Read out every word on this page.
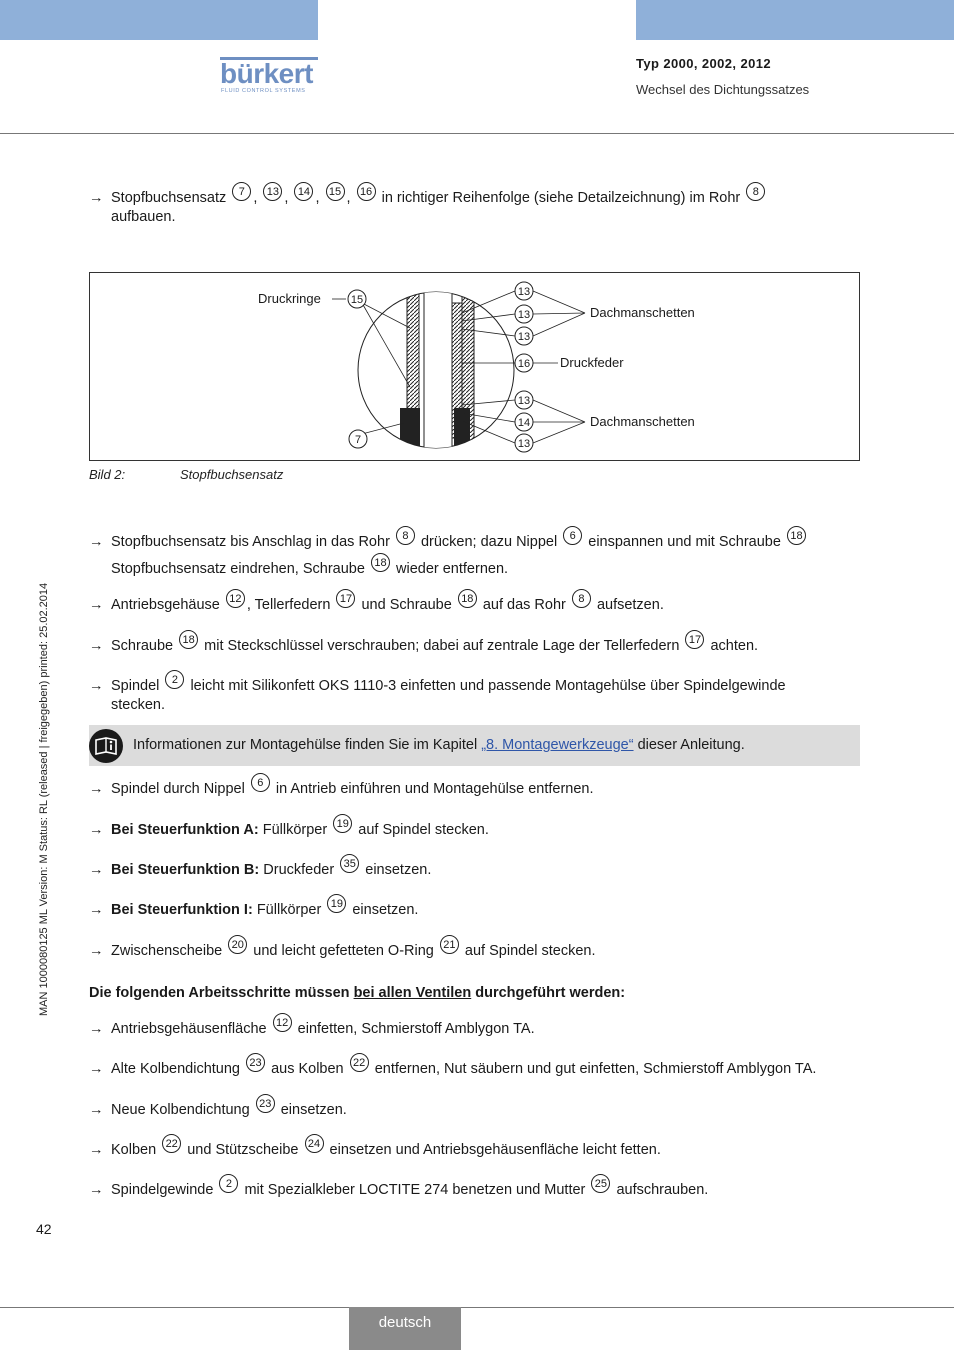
bürkert
FLUID CONTROL SYSTEMS
Typ 2000, 2002, 2012
Wechsel des Dichtungssatzes
→ Stopfbuchsensatz 7 , 13 , 14 , 15 , 16 in richtiger Reihenfolge (siehe Detailzeichnung) im Rohr 8
aufbauen.
15
7
13
13
13
16
13
14
13
Druckringe
Dachmanschetten
Druckfeder
Dachmanschetten
Bild 2:	Stopfbuchsensatz
→ Stopfbuchsensatz bis Anschlag in das Rohr 8 drücken; dazu Nippel 6 einspannen und mit Schraube 18
Stopfbuchsensatz eindrehen, Schraube 18 wieder entfernen.
→ Antriebsgehäuse 12 , Tellerfedern 17 und Schraube 18 auf das Rohr 8 aufsetzen.
→ Schraube 18 mit Steckschlüssel verschrauben; dabei auf zentrale Lage der Tellerfedern 17 achten.
→ Spindel 2 leicht mit Silikonfett OKS 1110-3 einfetten und passende Montagehülse über Spindelgewinde
stecken.
Informationen zur Montagehülse finden Sie im Kapitel „8. Montagewerkzeuge“ dieser Anleitung.
→ Spindel durch Nippel 6 in Antrieb einführen und Montagehülse entfernen.
→ Bei Steuerfunktion A: Füllkörper 19 auf Spindel stecken.
→ Bei Steuerfunktion B: Druckfeder 35 einsetzen.
→ Bei Steuerfunktion I: Füllkörper 19 einsetzen.
→ Zwischenscheibe 20 und leicht gefetteten O-Ring 21 auf Spindel stecken.
Die folgenden Arbeitsschritte müssen bei allen Ventilen durchgeführt werden:
→ Antriebsgehäusenfläche 12 einfetten, Schmierstoff Amblygon TA.
→ Alte Kolbendichtung 23 aus Kolben 22 entfernen, Nut säubern und gut einfetten, Schmierstoff Amblygon TA.
→ Neue Kolbendichtung 23 einsetzen.
→ Kolben 22 und Stützscheibe 24 einsetzen und Antriebsgehäusenfläche leicht fetten.
→ Spindelgewinde 2 mit Spezialkleber LOCTITE 274 benetzen und Mutter 25 aufschrauben.
MAN 1000080125 ML Version: M Status: RL (released | freigegeben) printed: 25.02.2014
42
deutsch
